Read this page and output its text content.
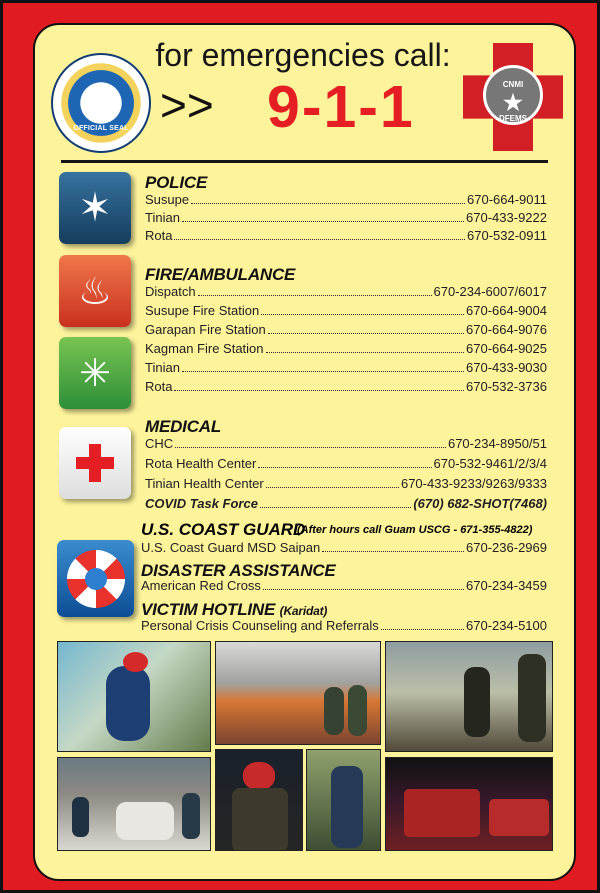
★
OFFICIAL SEAL
for emergencies call:
>> 9-1-1	CNMI
★
DFEMS
✶
POLICE
Susupe	670-664-9011
Tinian	670-433-9222
Rota	670-532-0911
♨
✳
FIRE/AMBULANCE
Dispatch	670-234-6007/6017
Susupe Fire Station	670-664-9004
Garapan Fire Station	670-664-9076
Kagman Fire Station	670-664-9025
Tinian	670-433-9030
Rota	670-532-3736
MEDICAL
CHC	670-234-8950/51
Rota Health Center	670-532-9461/2/3/4
Tinian Health Center	670-433-9233/9263/9333
COVID Task Force	(670) 682-SHOT(7468)
U.S. COAST GUARD
(After hours call Guam USCG - 671-355-4822)
U.S. Coast Guard MSD Saipan	670-236-2969
DISASTER ASSISTANCE
American Red Cross	670-234-3459
VICTIM HOTLINE (Karidat)
Personal Crisis Counseling and Referrals	670-234-5100
